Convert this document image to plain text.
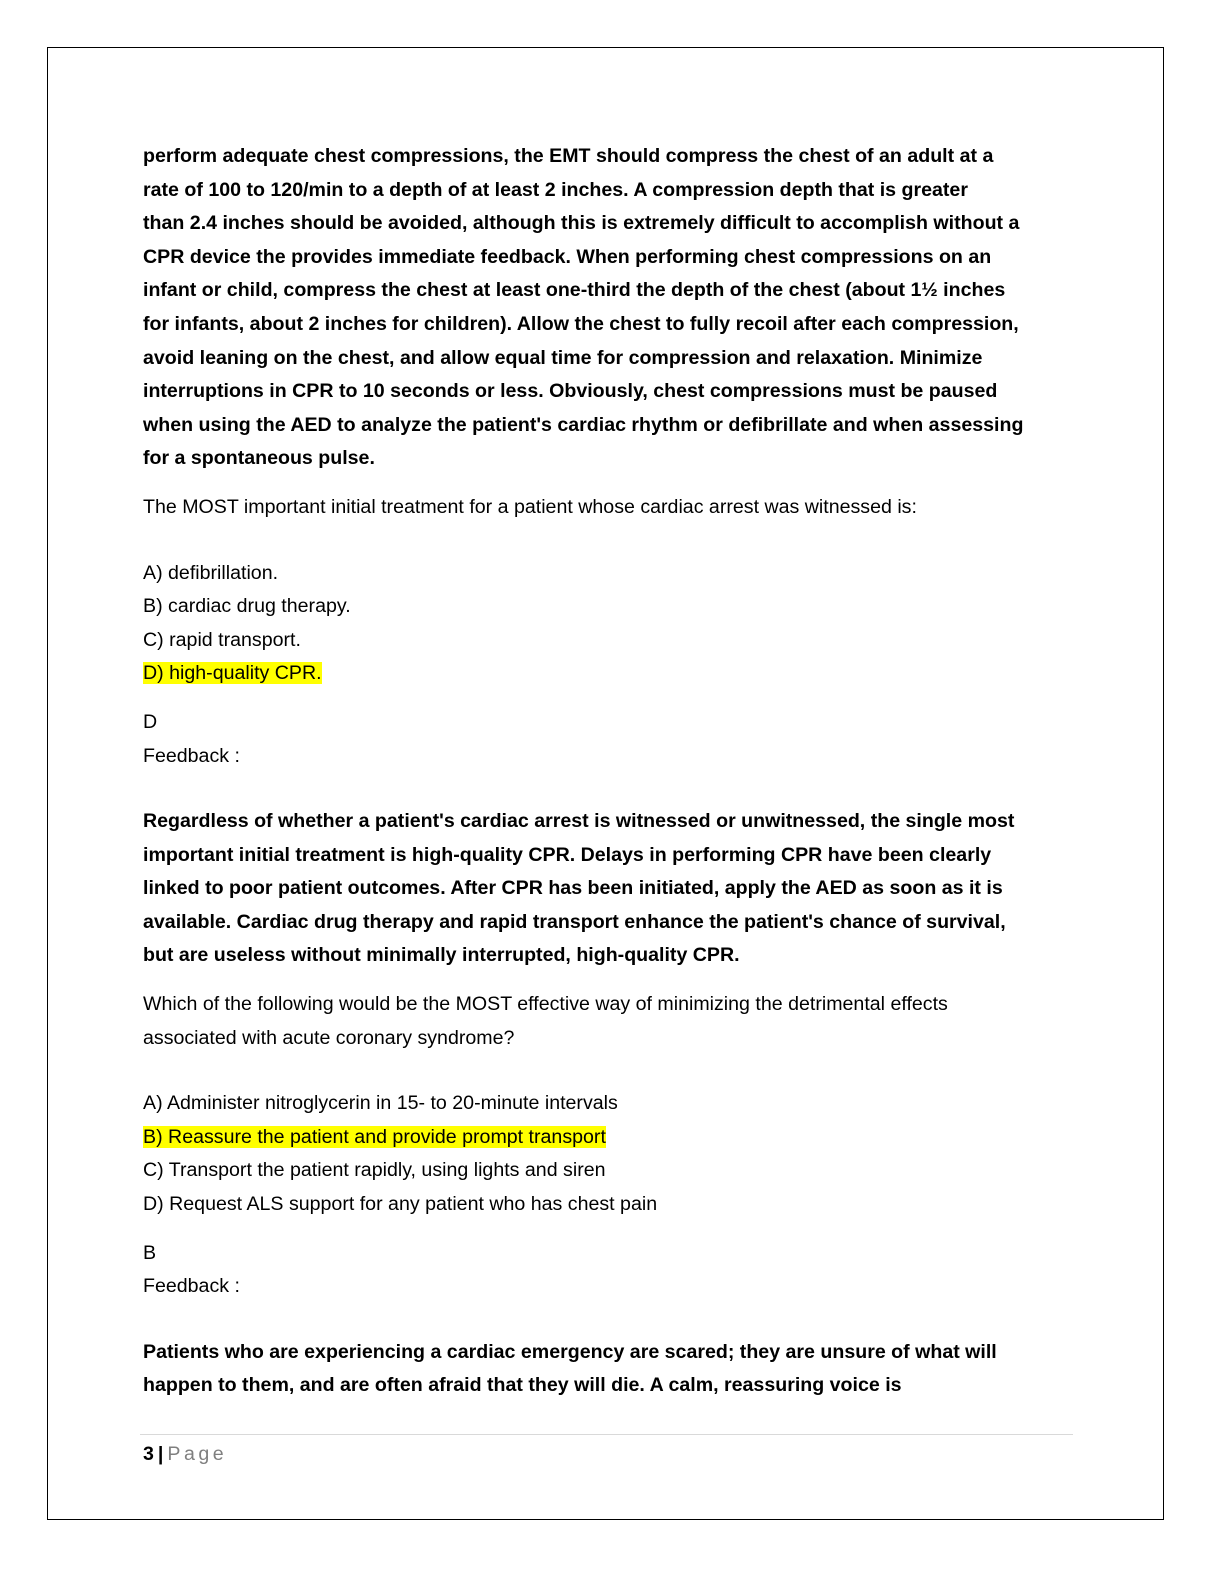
perform adequate chest compressions, the EMT should compress the chest of an adult at a
rate of 100 to 120/min to a depth of at least 2 inches. A compression depth that is greater
than 2.4 inches should be avoided, although this is extremely difficult to accomplish without a
CPR device the provides immediate feedback. When performing chest compressions on an
infant or child, compress the chest at least one-third the depth of the chest (about 1½ inches
for infants, about 2 inches for children). Allow the chest to fully recoil after each compression,
avoid leaning on the chest, and allow equal time for compression and relaxation. Minimize
interruptions in CPR to 10 seconds or less. Obviously, chest compressions must be paused
when using the AED to analyze the patient's cardiac rhythm or defibrillate and when assessing
for a spontaneous pulse.
The MOST important initial treatment for a patient whose cardiac arrest was witnessed is:
A) defibrillation.
B) cardiac drug therapy.
C) rapid transport.
D) high-quality CPR.
D
Feedback :
Regardless of whether a patient's cardiac arrest is witnessed or unwitnessed, the single most
important initial treatment is high-quality CPR. Delays in performing CPR have been clearly
linked to poor patient outcomes. After CPR has been initiated, apply the AED as soon as it is
available. Cardiac drug therapy and rapid transport enhance the patient's chance of survival,
but are useless without minimally interrupted, high-quality CPR.
Which of the following would be the MOST effective way of minimizing the detrimental effects
associated with acute coronary syndrome?
A) Administer nitroglycerin in 15- to 20-minute intervals
B) Reassure the patient and provide prompt transport
C) Transport the patient rapidly, using lights and siren
D) Request ALS support for any patient who has chest pain
B
Feedback :
Patients who are experiencing a cardiac emergency are scared; they are unsure of what will
happen to them, and are often afraid that they will die. A calm, reassuring voice is
3 | Page
